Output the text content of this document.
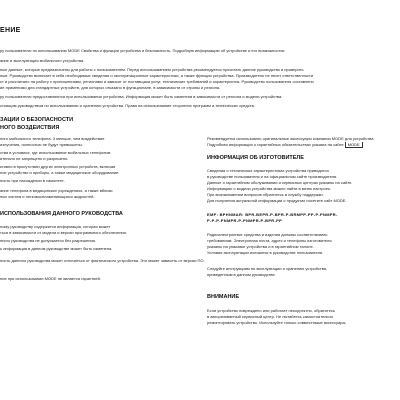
ЕНИЕ

ру пользователю по использованию MODE Свойства и функции устройства и безопасность. Подробную информацию об устройстве и его возможностях

ание и эксплуатация мобильного устройства.

ные данные, которые предназначены для работы с пользователем. Перед использованием устройства рекомендуется прочитать данное руководство и проверить

ные. Руководство включает в себя необходимые сведения и эксплуатационные характеристики, а также функции устройства. Производитель не несет ответственности

ст и рассчитано на работу с приложениями, регионами и зависит от поставщика услуг, технических требований и характеристик. Руководство пользователя составлено

ие применимо для стандартных устройств, для которых отказано в функционале, в зависимости от страны и региона.

ру пользователю предоставляются при использовании устройства. Информация может быть изменена в зависимости от региона и модели устройства.

стоящим руководством по использованию и хранению устройства. Права на использование сторонних программ и технических средств.

ЗАЦИИ О БЕЗОПАСНОСТИ

НОГО ВОЗДЕЙСТВИЯ

ного мобильного телефона. 3 меньше, чем воздействие

излучения, полностью не будут превышены.

ства в условиях, где использование мобильных телефонов

ительно не запрещено и разрешено.

ктивно в присутствии других электронных устройств, включая

ное устройство и приборы, а также медицинское оборудование.

ность при нахождении в самолете.

ание телефона в медицинских учреждениях, а также вблизи

ных систем и легковоспламеняющихся жидкостей.

ИСПОЛЬЗОВАНИЯ ДАННОГО РУКОВОДСТВА

ному руководству содержится информация, которая может

ться в зависимости от модели и версии программного обеспечения.

нного руководства не допускается без разрешения.

ь информация в данном руководстве может быть изменена.

ность данного руководства может отличаться от фактического устройства. Это может зависеть от версии ПО.

ние при использовании MODE не является гарантией.

Рекомендуется использовать оригинальные аксессуары компании MODE для устройства.

Подробная информация о гарантийных обязательствах указана на сайте MODE

ИНФОРМАЦИЯ ОБ ИЗГОТОВИТЕЛЕ

Сведения о технических характеристиках устройства приводятся

в руководстве пользователя и на официальном сайте производителя.

Данные о гарантийном обслуживании и сервисных центрах указаны на сайте.

Информацию о модели устройства можно найти в меню настроек.

При возникновении вопросов обратитесь в службу поддержки.

Для получения актуальной информации о продуктах посетите сайт MODE.

EMP: BPHNMAR: BPR-BEPR-P-BPR-P-BRMPP-PP-P-PNMPR-

P-P-P-PNMPR-P-PNMPR-P-BPR-PP

Радиоэлектронные средства и изделия должны соответствовать

требованиям. Электронная почта, адрес и телефоны изготовителя

указаны на упаковке устройства и в гарантийном талоне.

Условия эксплуатации изложены в руководстве пользователя.

Следуйте инструкциям по эксплуатации и хранению устройства,

приведенным в данном руководстве.

ВНИМАНИЕ

Если устройство повреждено или работает некорректно, обратитесь

в авторизованный сервисный центр. Не пытайтесь самостоятельно

ремонтировать устройство. Используйте только совместимые аксессуары.
